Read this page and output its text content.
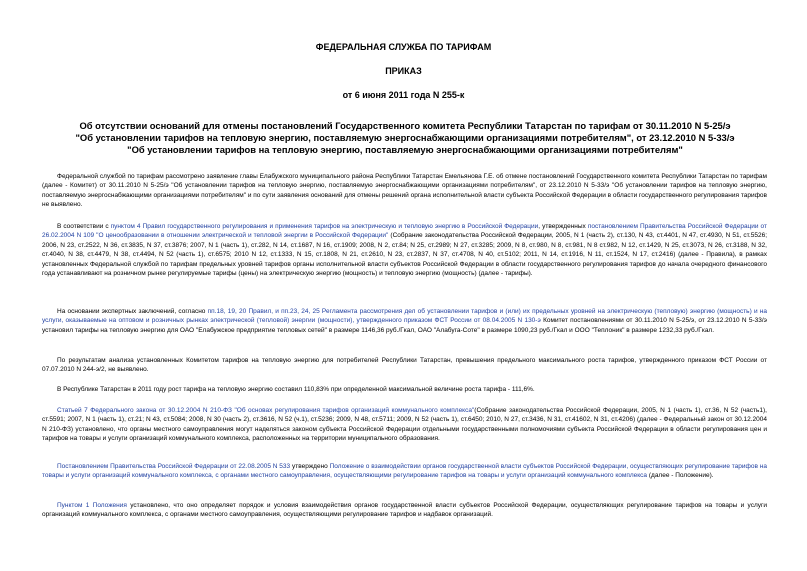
ФЕДЕРАЛЬНАЯ СЛУЖБА ПО ТАРИФАМ
ПРИКАЗ
от 6 июня 2011 года N 255-к
Об отсутствии оснований для отмены постановлений Государственного комитета Республики Татарстан по тарифам от 30.11.2010 N 5-25/э "Об установлении тарифов на тепловую энергию, поставляемую энергоснабжающими организациями потребителям", от 23.12.2010 N 5-33/э "Об установлении тарифов на тепловую энергию, поставляемую энергоснабжающими организациями потребителям"

Федеральной службой по тарифам рассмотрено заявление главы Елабужского муниципального района Республики Татарстан Емельянова Г.Е. об отмене постановлений Государственного комитета Республики Татарстан по тарифам (далее - Комитет) от 30.11.2010 N 5-25/э "Об установлении тарифов на тепловую энергию, поставляемую энергоснабжающими организациями потребителям", от 23.12.2010 N 5-33/э "Об установлении тарифов на тепловую энергию, поставляемую энергоснабжающими организациями потребителям" и по сути заявления оснований для отмены решений органа исполнительной власти субъекта Российской Федерации в области государственного регулирования тарифов не выявлено.

В соответствии с пунктом 4 Правил государственного регулирования и применения тарифов на электрическую и тепловую энергию в Российской Федерации, утвержденных постановлением Правительства Российской Федерации от 26.02.2004 N 109 "О ценообразовании в отношении электрической и тепловой энергии в Российской Федерации" (Собрание законодательства Российской Федерации, 2005, N 1 (часть 2), ст.130, N 43, ст.4401, N 47, ст.4930, N 51, ст.5526; 2006, N 23, ст.2522, N 36, ст.3835, N 37, ст.3876; 2007, N 1 (часть 1), ст.282, N 14, ст.1687, N 16, ст.1909; 2008, N 2, ст.84; N 25, ст.2989; N 27, ст.3285; 2009, N 8, ст.980, N 8, ст.981, N 8 ст.982, N 12, ст.1429, N 25, ст.3073, N 26, ст.3188, N 32, ст.4040, N 38, ст.4479, N 38, ст.4494, N 52 (часть 1), ст.6575; 2010 N 12, ст.1333, N 15, ст.1808, N 21, ст.2610, N 23, ст.2837, N 37, ст.4708, N 40, ст.5102; 2011, N 14, ст.1916, N 11, ст.1524, N 17, ст.2416) (далее - Правила), в рамках установленных Федеральной службой по тарифам предельных уровней тарифов органы исполнительной власти субъектов Российской Федерации в области государственного регулирования тарифов до начала очередного финансового года устанавливают на розничном рынке регулируемые тарифы (цены) на электрическую энергию (мощность) и тепловую энергию (мощность) (далее - тарифы).

На основании экспертных заключений, согласно пп.18, 19, 20 Правил, и пп.23, 24, 25 Регламента рассмотрения дел об установлении тарифов и (или) их предельных уровней на электрическую (тепловую) энергию (мощность) и на услуги, оказываемые на оптовом и розничных рынках электрической (тепловой) энергии (мощности), утвержденного приказом ФСТ России от 08.04.2005 N 130-э Комитет постановлениями от 30.11.2010 N 5-25/э, от 23.12.2010 N 5-33/э установил тарифы на тепловую энергию для ОАО "Елабужское предприятие тепловых сетей" в размере 1146,36 руб./Гкал, ОАО "Алабуга-Соте" в размере 1090,23 руб./Гкал и ООО "Теплоник" в размере 1232,33 руб./Гкал.

По результатам анализа установленных Комитетом тарифов на тепловую энергию для потребителей Республики Татарстан, превышения предельного максимального роста тарифов, утвержденного приказом ФСТ России от 07.07.2010 N 244-э/2, не выявлено.

В Республике Татарстан в 2011 году рост тарифа на тепловую энергию составил 110,83% при определенной максимальной величине роста тарифа - 111,6%.

Статьей 7 Федерального закона от 30.12.2004 N 210-ФЗ "Об основах регулирования тарифов организаций коммунального комплекса"(Собрание законодательства Российской Федерации, 2005, N 1 (часть 1), ст.36, N 52 (часть1), ст.5591; 2007, N 1 (часть 1), ст.21; N 43, ст.5084; 2008, N 30 (часть 2), ст.3616, N 52 (ч.1), ст.5236; 2009, N 48, ст.5711; 2009, N 52 (часть 1), ст.6450; 2010, N 27, ст.3436, N 31, ст.41602, N 31, ст.4206) (далее - Федеральный закон от 30.12.2004 N 210-ФЗ) установлено, что органы местного самоуправления могут наделяться законом субъекта Российской Федерации отдельными государственными полномочиями субъекта Российской Федерации в области регулирования цен и тарифов на товары и услуги организаций коммунального комплекса, расположенных на территории муниципального образования.

Постановлением Правительства Российской Федерации от 22.08.2005 N 533 утверждено Положение о взаимодействии органов государственной власти субъектов Российской Федерации, осуществляющих регулирование тарифов на товары и услуги организаций коммунального комплекса, с органами местного самоуправления, осуществляющими регулирование тарифов на товары и услуги организаций коммунального комплекса (далее - Положение).

Пунктом 1 Положения установлено, что оно определяет порядок и условия взаимодействия органов государственной власти субъектов Российской Федерации, осуществляющих регулирование тарифов на товары и услуги организаций коммунального комплекса, с органами местного самоуправления, осуществляющими регулирование тарифов и надбавок организаций.
